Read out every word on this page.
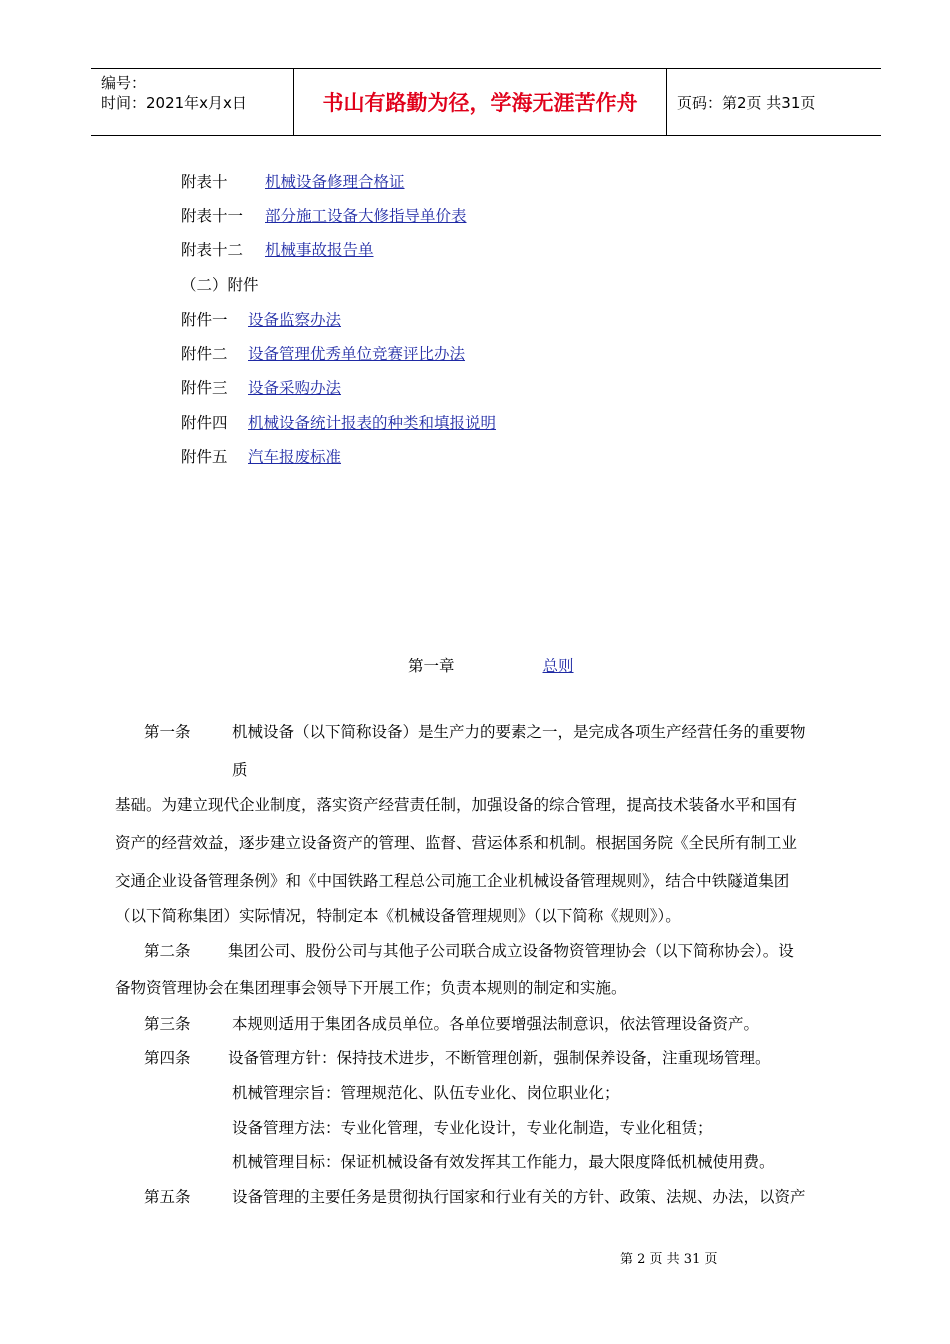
编号：
时间：2021年x月x日	书山有路勤为径，学海无涯苦作舟	页码：第2页 共31页
附表十 机械设备修理合格证
附表十一 部分施工设备大修指导单价表
附表十二 机械事故报告单
（二）附件
附件一 设备监察办法
附件二 设备管理优秀单位竞赛评比办法
附件三 设备采购办法
附件四 机械设备统计报表的种类和填报说明
附件五 汽车报废标准
第一章	总则
第一条	机械设备（以下简称设备）是生产力的要素之一，是完成各项生产经营任务的重要物
质
基础。为建立现代企业制度，落实资产经营责任制，加强设备的综合管理，提高技术装备水平和国有
资产的经营效益，逐步建立设备资产的管理、监督、营运体系和机制。根据国务院《全民所有制工业
交通企业设备管理条例》和《中国铁路工程总公司施工企业机械设备管理规则》，结合中铁隧道集团
（以下简称集团）实际情况，特制定本《机械设备管理规则》（以下简称《规则》）。
第二条 集团公司、股份公司与其他子公司联合成立设备物资管理协会（以下简称协会）。设
备物资管理协会在集团理事会领导下开展工作；负责本规则的制定和实施。
第三条	本规则适用于集团各成员单位。各单位要增强法制意识，依法管理设备资产。
第四条 设备管理方针：保持技术进步，不断管理创新，强制保养设备，注重现场管理。
机械管理宗旨：管理规范化、队伍专业化、岗位职业化；
设备管理方法：专业化管理，专业化设计，专业化制造，专业化租赁；
机械管理目标：保证机械设备有效发挥其工作能力，最大限度降低机械使用费。
第五条	设备管理的主要任务是贯彻执行国家和行业有关的方针、政策、法规、办法，以资产
第 2 页 共 31 页
